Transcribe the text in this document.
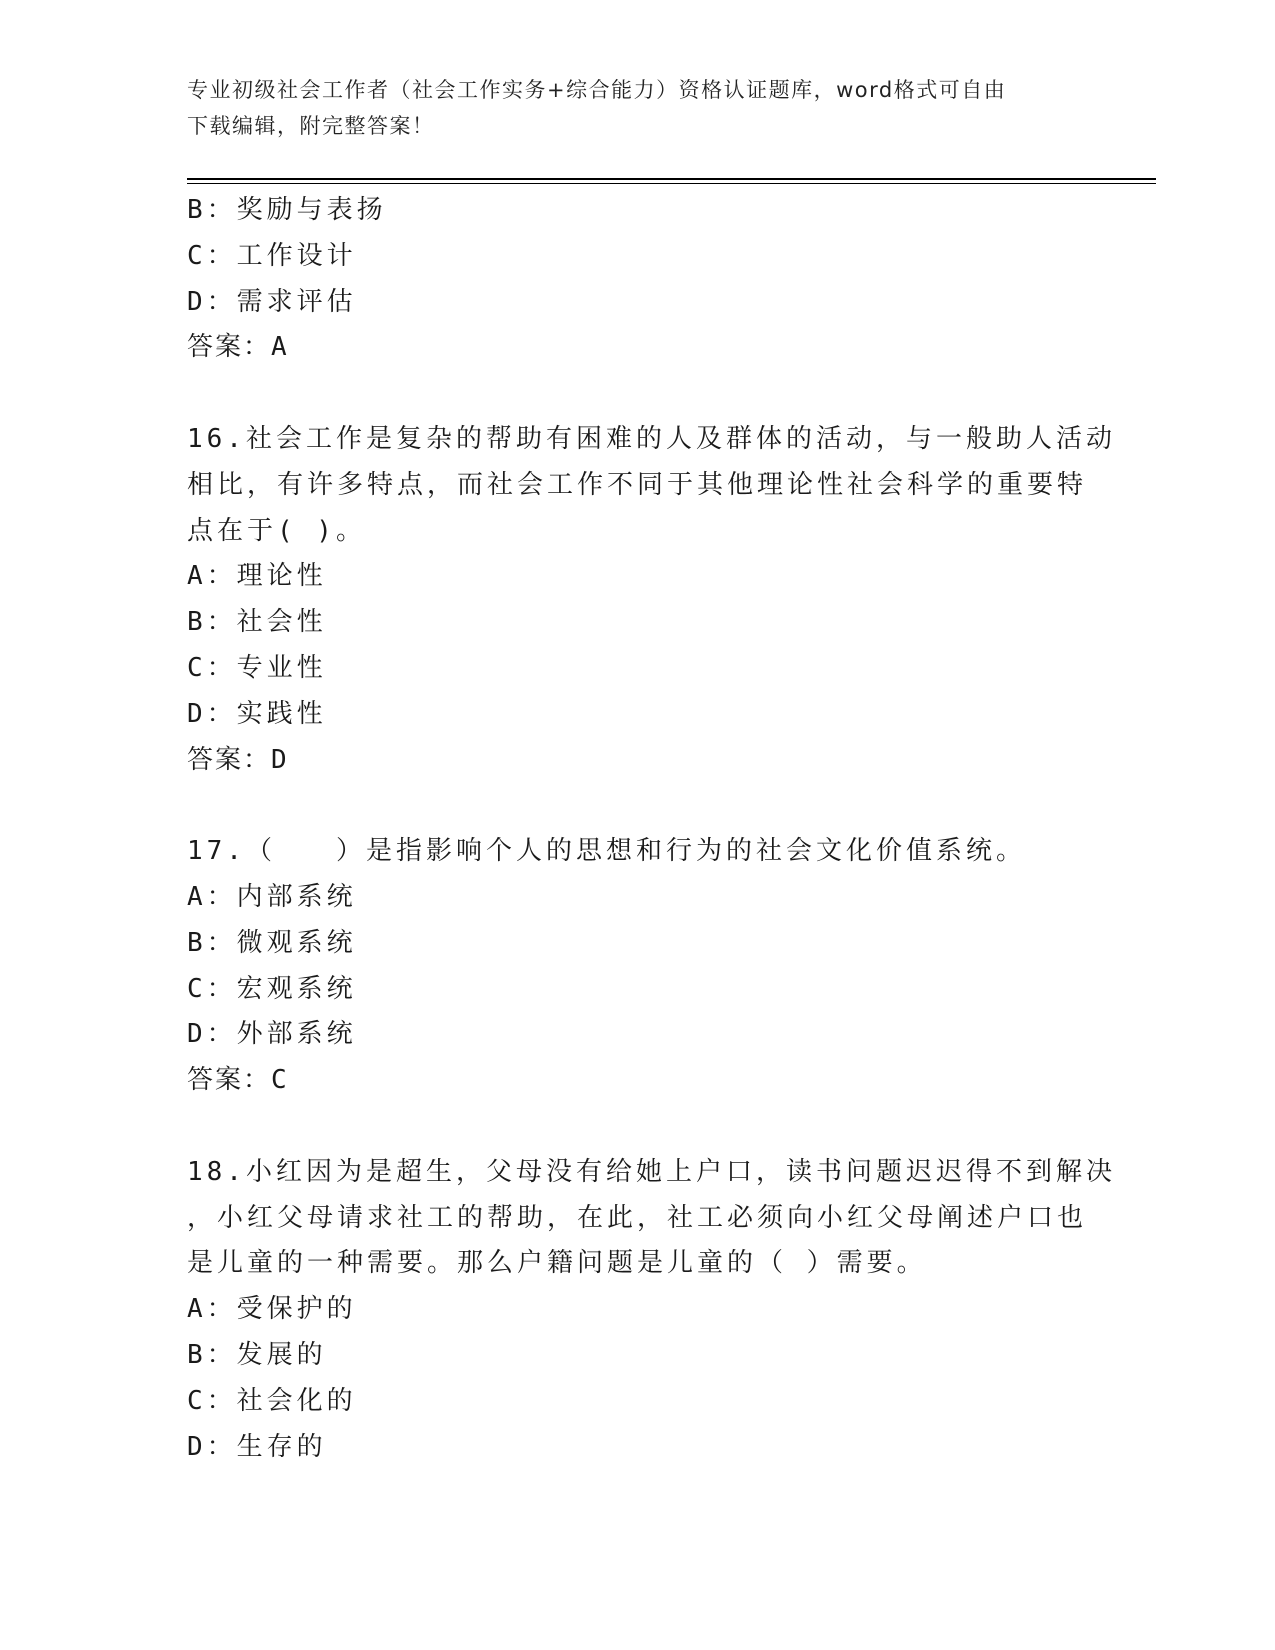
专业初级社会工作者（社会工作实务+综合能力）资格认证题库，word格式可自由
下载编辑，附完整答案！
B：奖励与表扬
C：工作设计
D：需求评估
答案：A
16.社会工作是复杂的帮助有困难的人及群体的活动，与一般助人活动
相比，有许多特点，而社会工作不同于其他理论性社会科学的重要特
点在于( )。
A：理论性
B：社会性
C：专业性
D：实践性
答案：D
17.（　　）是指影响个人的思想和行为的社会文化价值系统。
A：内部系统
B：微观系统
C：宏观系统
D：外部系统
答案：C
18.小红因为是超生，父母没有给她上户口，读书问题迟迟得不到解决
，小红父母请求社工的帮助，在此，社工必须向小红父母阐述户口也
是儿童的一种需要。那么户籍问题是儿童的（ ）需要。
A：受保护的
B：发展的
C：社会化的
D：生存的
